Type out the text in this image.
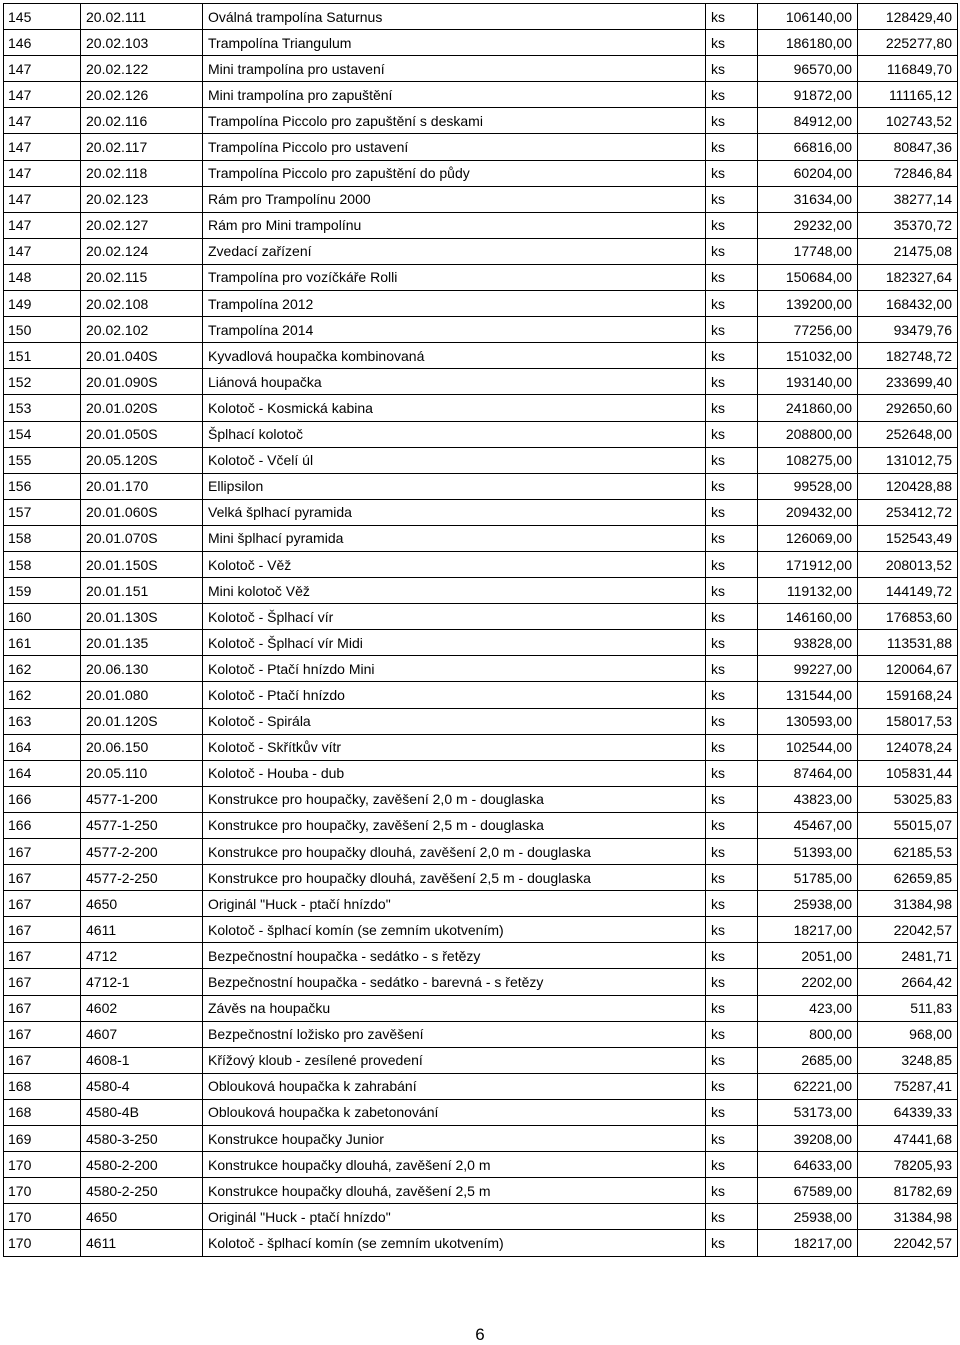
145	20.02.111	Oválná trampolína Saturnus	ks	106140,00	128429,40
146	20.02.103	Trampolína Triangulum	ks	186180,00	225277,80
147	20.02.122	Mini trampolína pro ustavení	ks	96570,00	116849,70
147	20.02.126	Mini trampolína pro zapuštění	ks	91872,00	111165,12
147	20.02.116	Trampolína Piccolo pro zapuštění s deskami	ks	84912,00	102743,52
147	20.02.117	Trampolína Piccolo pro ustavení	ks	66816,00	80847,36
147	20.02.118	Trampolína Piccolo pro zapuštění do půdy	ks	60204,00	72846,84
147	20.02.123	Rám pro Trampolínu 2000	ks	31634,00	38277,14
147	20.02.127	Rám pro Mini trampolínu	ks	29232,00	35370,72
147	20.02.124	Zvedací zařízení	ks	17748,00	21475,08
148	20.02.115	Trampolína pro vozíčkáře Rolli	ks	150684,00	182327,64
149	20.02.108	Trampolína 2012	ks	139200,00	168432,00
150	20.02.102	Trampolína 2014	ks	77256,00	93479,76
151	20.01.040S	Kyvadlová houpačka kombinovaná	ks	151032,00	182748,72
152	20.01.090S	Liánová houpačka	ks	193140,00	233699,40
153	20.01.020S	Kolotoč - Kosmická kabina	ks	241860,00	292650,60
154	20.01.050S	Šplhací kolotoč	ks	208800,00	252648,00
155	20.05.120S	Kolotoč - Včelí úl	ks	108275,00	131012,75
156	20.01.170	Ellipsilon	ks	99528,00	120428,88
157	20.01.060S	Velká šplhací pyramida	ks	209432,00	253412,72
158	20.01.070S	Mini šplhací pyramida	ks	126069,00	152543,49
158	20.01.150S	Kolotoč - Věž	ks	171912,00	208013,52
159	20.01.151	Mini kolotoč Věž	ks	119132,00	144149,72
160	20.01.130S	Kolotoč - Šplhací vír	ks	146160,00	176853,60
161	20.01.135	Kolotoč - Šplhací vír Midi	ks	93828,00	113531,88
162	20.06.130	Kolotoč - Ptačí hnízdo Mini	ks	99227,00	120064,67
162	20.01.080	Kolotoč - Ptačí hnízdo	ks	131544,00	159168,24
163	20.01.120S	Kolotoč - Spirála	ks	130593,00	158017,53
164	20.06.150	Kolotoč - Skřítkův vítr	ks	102544,00	124078,24
164	20.05.110	Kolotoč - Houba - dub	ks	87464,00	105831,44
166	4577-1-200	Konstrukce pro houpačky, zavěšení 2,0 m - douglaska	ks	43823,00	53025,83
166	4577-1-250	Konstrukce pro houpačky, zavěšení 2,5 m - douglaska	ks	45467,00	55015,07
167	4577-2-200	Konstrukce pro houpačky dlouhá, zavěšení 2,0 m - douglaska	ks	51393,00	62185,53
167	4577-2-250	Konstrukce pro houpačky dlouhá, zavěšení 2,5 m - douglaska	ks	51785,00	62659,85
167	4650	Originál "Huck - ptačí hnízdo"	ks	25938,00	31384,98
167	4611	Kolotoč - šplhací komín (se zemním ukotvením)	ks	18217,00	22042,57
167	4712	Bezpečnostní houpačka - sedátko - s řetězy	ks	2051,00	2481,71
167	4712-1	Bezpečnostní houpačka - sedátko - barevná - s řetězy	ks	2202,00	2664,42
167	4602	Závěs na houpačku	ks	423,00	511,83
167	4607	Bezpečnostní ložisko pro zavěšení	ks	800,00	968,00
167	4608-1	Křížový kloub - zesílené provedení	ks	2685,00	3248,85
168	4580-4	Oblouková houpačka k zahrabání	ks	62221,00	75287,41
168	4580-4B	Oblouková houpačka k zabetonování	ks	53173,00	64339,33
169	4580-3-250	Konstrukce houpačky Junior	ks	39208,00	47441,68
170	4580-2-200	Konstrukce houpačky dlouhá, zavěšení 2,0 m	ks	64633,00	78205,93
170	4580-2-250	Konstrukce houpačky dlouhá, zavěšení 2,5 m	ks	67589,00	81782,69
170	4650	Originál "Huck - ptačí hnízdo"	ks	25938,00	31384,98
170	4611	Kolotoč - šplhací komín (se zemním ukotvením)	ks	18217,00	22042,57
6
